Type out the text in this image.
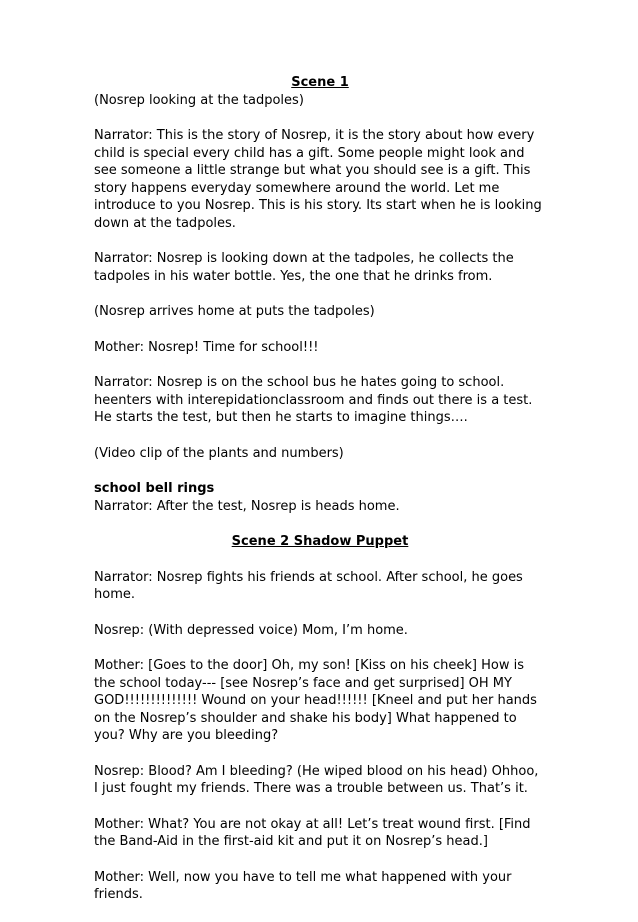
Scene 1

(Nosrep looking at the tadpoles)

Narrator: This is the story of Nosrep, it is the story about how every child is special every child has a gift. Some people might look and see someone a little strange but what you should see is a gift. This story happens everyday somewhere around the world. Let me introduce to you Nosrep. This is his story. Its start when he is looking down at the tadpoles.

Narrator: Nosrep is looking down at the tadpoles, he collects the tadpoles in his water bottle. Yes, the one that he drinks from.

(Nosrep arrives home at puts the tadpoles)

Mother: Nosrep! Time for school!!!

Narrator: Nosrep is on the school bus he hates going to school. heenters with interepidationclassroom and finds out there is a test. He starts the test, but then he starts to imagine things….

(Video clip of the plants and numbers)

school bell rings

Narrator: After the test, Nosrep is heads home.

Scene 2 Shadow Puppet

Narrator: Nosrep fights his friends at school. After school, he goes home.

Nosrep: (With depressed voice) Mom, I’m home.

Mother: [Goes to the door] Oh, my son! [Kiss on his cheek] How is the school today--- [see Nosrep’s face and get surprised] OH MY GOD!!!!!!!!!!!!!! Wound on your head!!!!!! [Kneel and put her hands on the Nosrep’s shoulder and shake his body] What happened to you? Why are you bleeding?

Nosrep: Blood? Am I bleeding? (He wiped blood on his head) Ohhoo, I just fought my friends. There was a trouble between us. That’s it.

Mother: What? You are not okay at all! Let’s treat wound first. [Find the Band-Aid in the first-aid kit and put it on Nosrep’s head.]

Mother: Well, now you have to tell me what happened with your friends.
